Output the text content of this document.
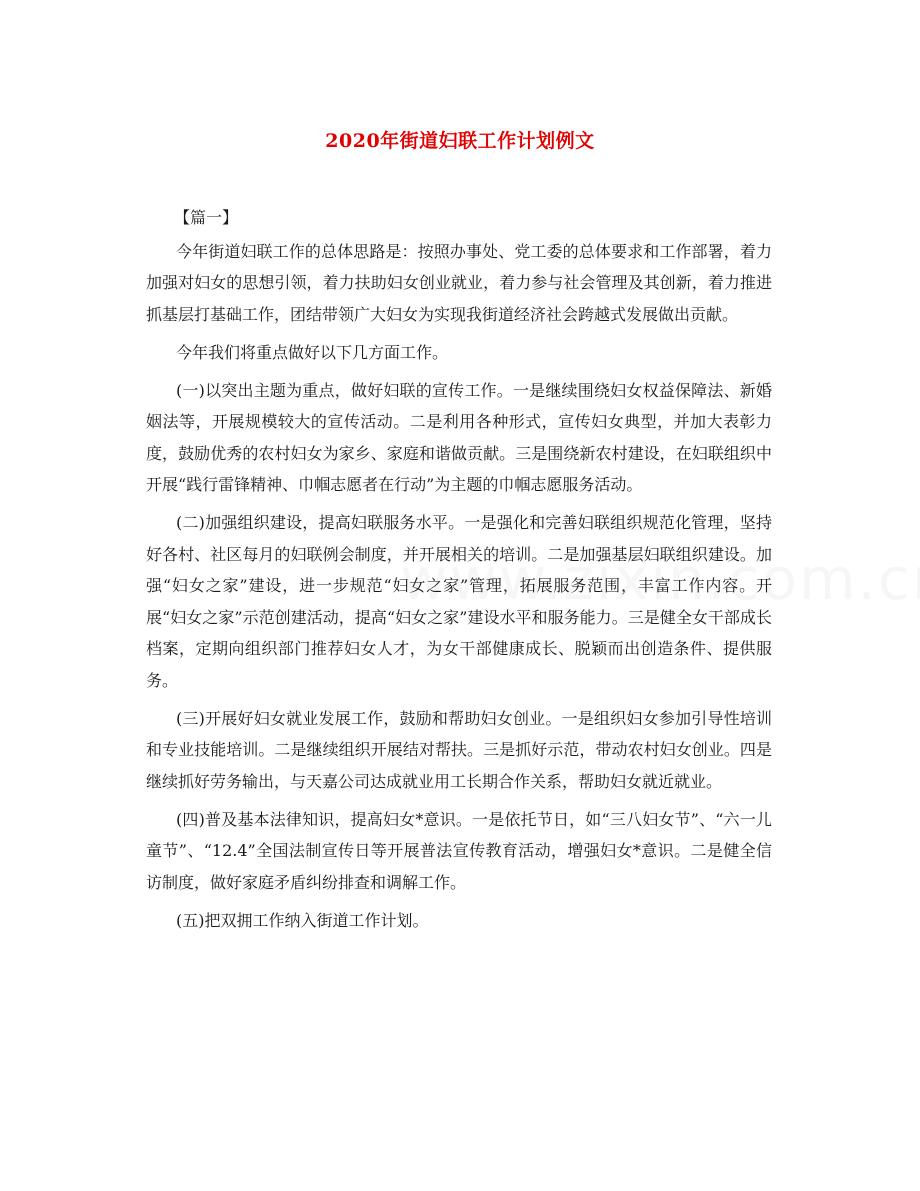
2020年街道妇联工作计划例文
【篇一】

今年街道妇联工作的总体思路是：按照办事处、党工委的总体要求和工作部署，着力加强对妇女的思想引领，着力扶助妇女创业就业，着力参与社会管理及其创新，着力推进抓基层打基础工作，团结带领广大妇女为实现我街道经济社会跨越式发展做出贡献。

今年我们将重点做好以下几方面工作。

(一)以突出主题为重点，做好妇联的宣传工作。一是继续围绕妇女权益保障法、新婚姻法等，开展规模较大的宣传活动。二是利用各种形式，宣传妇女典型，并加大表彰力度，鼓励优秀的农村妇女为家乡、家庭和谐做贡献。三是围绕新农村建设，在妇联组织中开展“践行雷锋精神、巾帼志愿者在行动”为主题的巾帼志愿服务活动。

(二)加强组织建设，提高妇联服务水平。一是强化和完善妇联组织规范化管理，坚持好各村、社区每月的妇联例会制度，并开展相关的培训。二是加强基层妇联组织建设。加强“妇女之家”建设，进一步规范“妇女之家”管理，拓展服务范围，丰富工作内容。开展“妇女之家”示范创建活动，提高“妇女之家”建设水平和服务能力。三是健全女干部成长档案，定期向组织部门推荐妇女人才，为女干部健康成长、脱颖而出创造条件、提供服务。

(三)开展好妇女就业发展工作，鼓励和帮助妇女创业。一是组织妇女参加引导性培训和专业技能培训。二是继续组织开展结对帮扶。三是抓好示范，带动农村妇女创业。四是继续抓好劳务输出，与天嘉公司达成就业用工长期合作关系，帮助妇女就近就业。

(四)普及基本法律知识，提高妇女*意识。一是依托节日，如“三八妇女节”、“六一儿童节”、“12.4”全国法制宣传日等开展普法宣传教育活动，增强妇女*意识。二是健全信访制度，做好家庭矛盾纠纷排查和调解工作。

(五)把双拥工作纳入街道工作计划。
